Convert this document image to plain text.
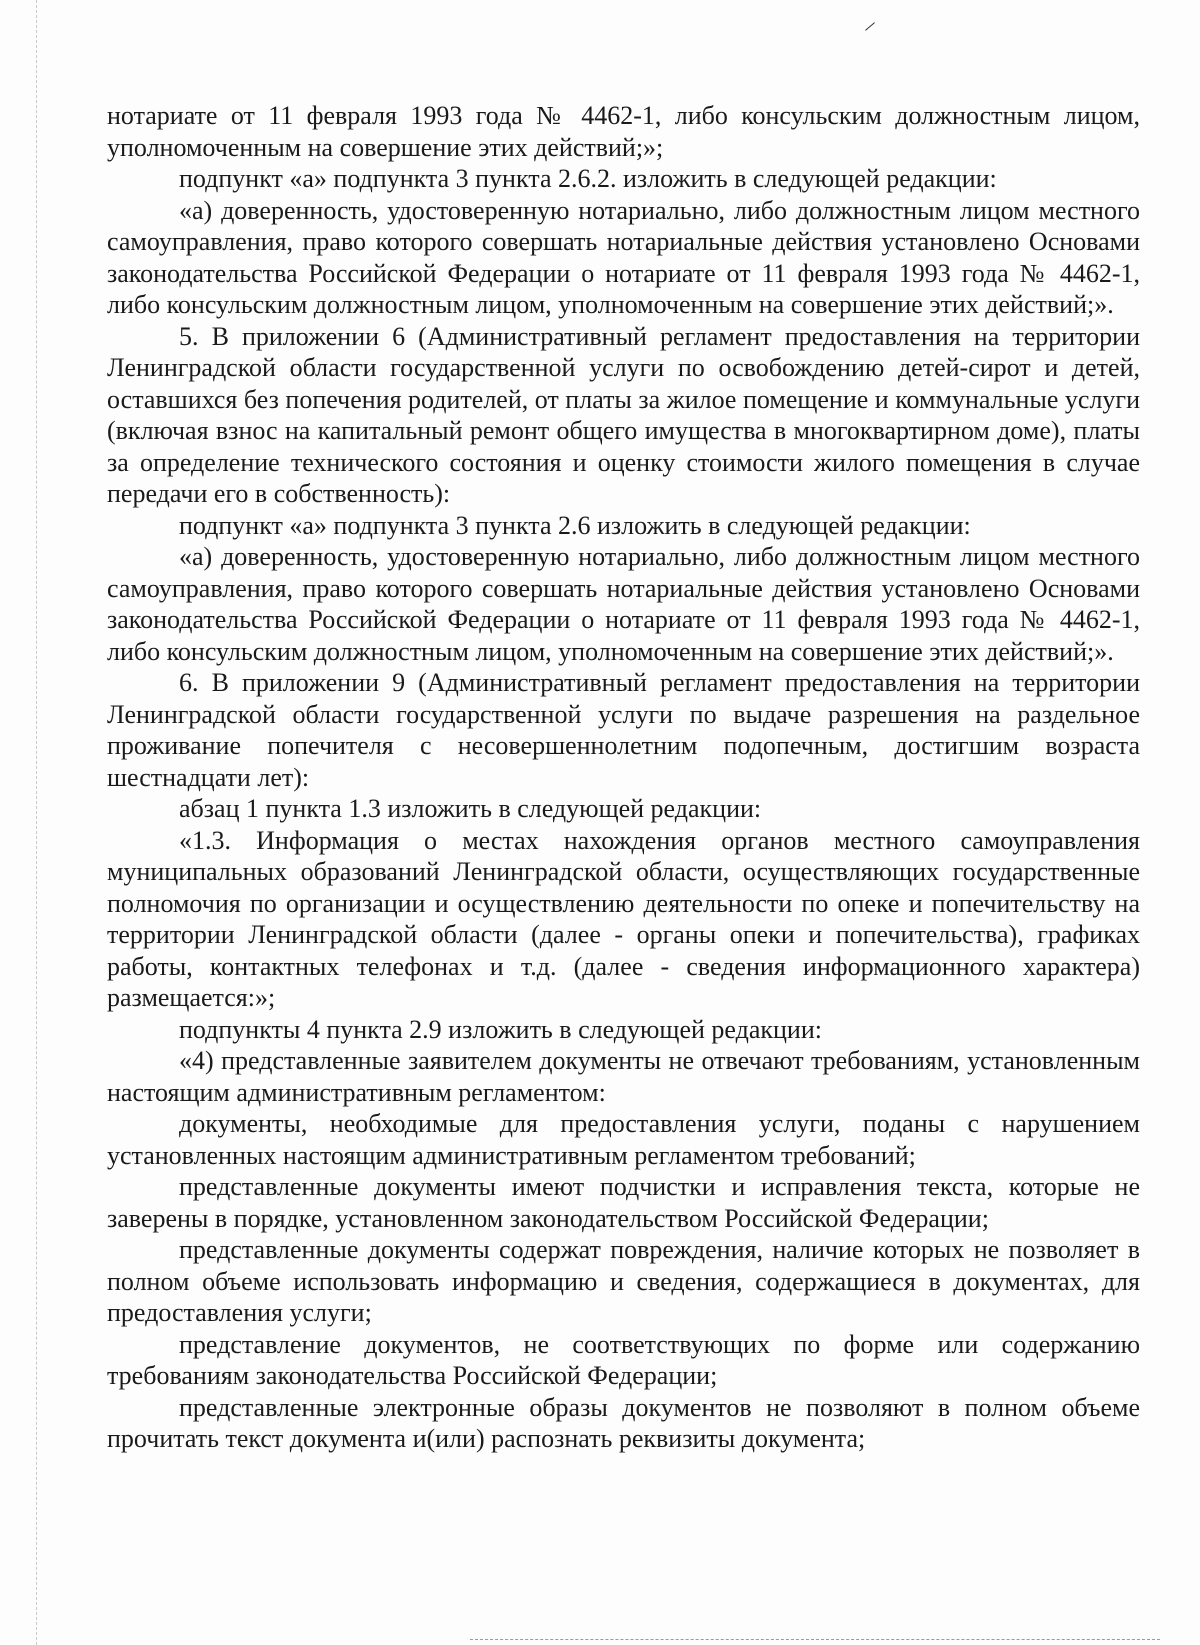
нотариате от 11 февраля 1993 года № 4462-1, либо консульским должностным лицом, уполномоченным на совершение этих действий;»;

подпункт «а» подпункта 3 пункта 2.6.2. изложить в следующей редакции:

«а) доверенность, удостоверенную нотариально, либо должностным лицом местного самоуправления, право которого совершать нотариальные действия установлено Основами законодательства Российской Федерации о нотариате от 11 февраля 1993 года № 4462-1, либо консульским должностным лицом, уполномоченным на совершение этих действий;».

5. В приложении 6 (Административный регламент предоставления на территории Ленинградской области государственной услуги по освобождению детей-сирот и детей, оставшихся без попечения родителей, от платы за жилое помещение и коммунальные услуги (включая взнос на капитальный ремонт общего имущества в многоквартирном доме), платы за определение технического состояния и оценку стоимости жилого помещения в случае передачи его в собственность):

подпункт «а» подпункта 3 пункта 2.6 изложить в следующей редакции:

«а) доверенность, удостоверенную нотариально, либо должностным лицом местного самоуправления, право которого совершать нотариальные действия установлено Основами законодательства Российской Федерации о нотариате от 11 февраля 1993 года № 4462-1, либо консульским должностным лицом, уполномоченным на совершение этих действий;».

6. В приложении 9 (Административный регламент предоставления на территории Ленинградской области государственной услуги по выдаче разрешения на раздельное проживание попечителя с несовершеннолетним подопечным, достигшим возраста шестнадцати лет):

абзац 1 пункта 1.3 изложить в следующей редакции:

«1.3. Информация о местах нахождения органов местного самоуправления муниципальных образований Ленинградской области, осуществляющих государственные полномочия по организации и осуществлению деятельности по опеке и попечительству на территории Ленинградской области (далее - органы опеки и попечительства), графиках работы, контактных телефонах и т.д. (далее - сведения информационного характера) размещается:»;

подпункты 4 пункта 2.9 изложить в следующей редакции:

«4) представленные заявителем документы не отвечают требованиям, установленным настоящим административным регламентом:

документы, необходимые для предоставления услуги, поданы с нарушением установленных настоящим административным регламентом требований;

представленные документы имеют подчистки и исправления текста, которые не заверены в порядке, установленном законодательством Российской Федерации;

представленные документы содержат повреждения, наличие которых не позволяет в полном объеме использовать информацию и сведения, содержащиеся в документах, для предоставления услуги;

представление документов, не соответствующих по форме или содержанию требованиям законодательства Российской Федерации;

представленные электронные образы документов не позволяют в полном объеме прочитать текст документа и(или) распознать реквизиты документа;
